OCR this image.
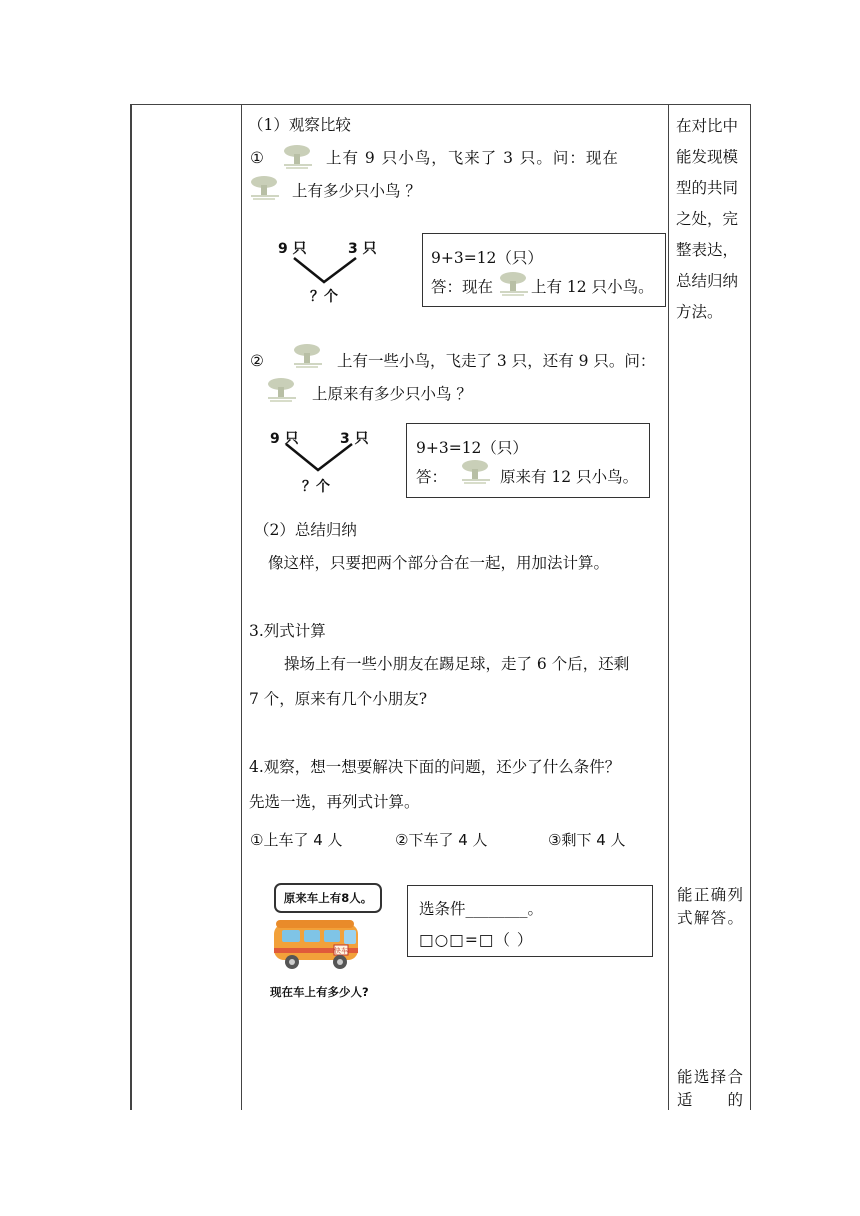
（1）观察比较
①	上有 9 只小鸟，飞来了 3 只。问：现在
上有多少只小鸟 ？
9 只	3 只
？个
9+3=12（只）
答：现在 上有 12 只小鸟。
②	上有一些小鸟，飞走了 3 只，还有 9 只。问：
上原来有多少只小鸟 ？
9 只	3 只
？个
9+3=12（只）
答：	原来有 12 只小鸟。
（2）总结归纳
像这样，只要把两个部分合在一起，用加法计算。
3.列式计算
操场上有一些小朋友在踢足球，走了 6 个后，还剩
7 个，原来有几个小朋友?
4.观察，想一想要解决下面的问题，还少了什么条件？
先选一选，再列式计算。
①上车了 4 人	②下车了 4 人	③剩下 4 人
原来车上有8人。
快车
现在车上有多少人?
选条件________。
□○□=□（ ）
在对比中能发现模型的共同之处，完整表达，总结归纳方法。
能正确列式解答。
能选择合适的
